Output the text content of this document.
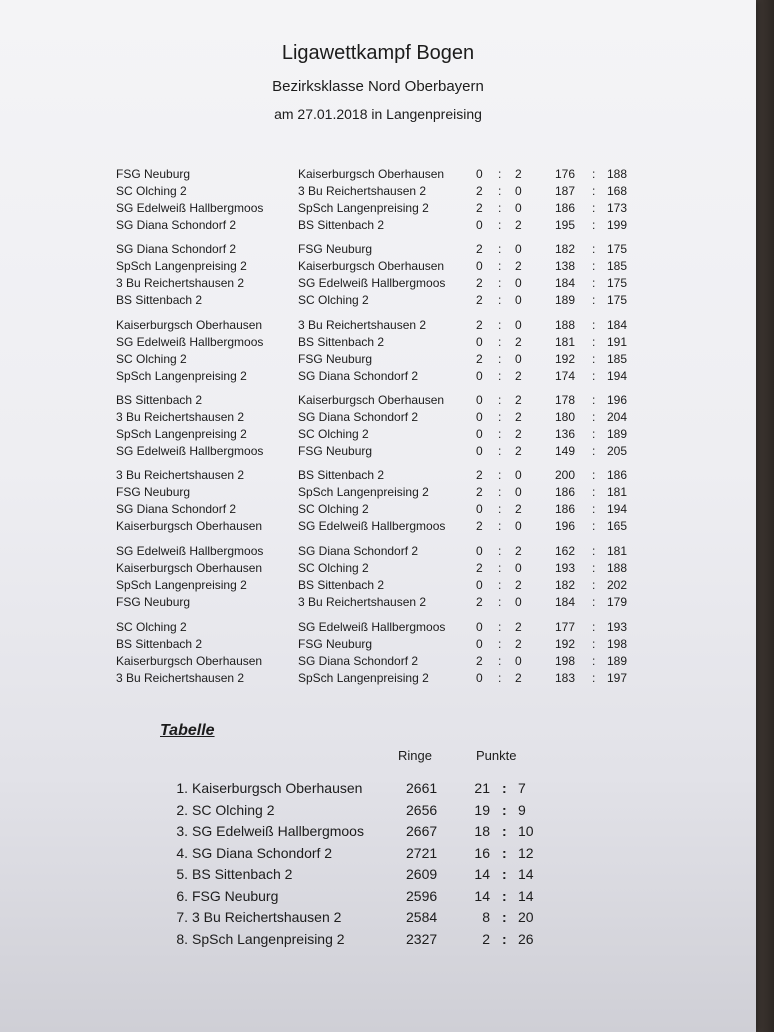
Ligawettkampf Bogen
Bezirksklasse Nord Oberbayern
am 27.01.2018 in Langenpreising
FSG Neuburg	Kaiserburgsch Oberhausen	0 : 2	176 : 188
SC Olching 2	3 Bu Reichertshausen 2	2 : 0	187 : 168
SG Edelweiß Hallbergmoos	SpSch Langenpreising 2	2 : 0	186 : 173
SG Diana Schondorf 2	BS Sittenbach 2	0 : 2	195 : 199
SG Diana Schondorf 2	FSG Neuburg	2 : 0	182 : 175
SpSch Langenpreising 2	Kaiserburgsch Oberhausen	0 : 2	138 : 185
3 Bu Reichertshausen 2	SG Edelweiß Hallbergmoos	2 : 0	184 : 175
BS Sittenbach 2	SC Olching 2	2 : 0	189 : 175
Kaiserburgsch Oberhausen	3 Bu Reichertshausen 2	2 : 0	188 : 184
SG Edelweiß Hallbergmoos	BS Sittenbach 2	0 : 2	181 : 191
SC Olching 2	FSG Neuburg	2 : 0	192 : 185
SpSch Langenpreising 2	SG Diana Schondorf 2	0 : 2	174 : 194
BS Sittenbach 2	Kaiserburgsch Oberhausen	0 : 2	178 : 196
3 Bu Reichertshausen 2	SG Diana Schondorf 2	0 : 2	180 : 204
SpSch Langenpreising 2	SC Olching 2	0 : 2	136 : 189
SG Edelweiß Hallbergmoos	FSG Neuburg	0 : 2	149 : 205
3 Bu Reichertshausen 2	BS Sittenbach 2	2 : 0	200 : 186
FSG Neuburg	SpSch Langenpreising 2	2 : 0	186 : 181
SG Diana Schondorf 2	SC Olching 2	0 : 2	186 : 194
Kaiserburgsch Oberhausen	SG Edelweiß Hallbergmoos	2 : 0	196 : 165
SG Edelweiß Hallbergmoos	SG Diana Schondorf 2	0 : 2	162 : 181
Kaiserburgsch Oberhausen	SC Olching 2	2 : 0	193 : 188
SpSch Langenpreising 2	BS Sittenbach 2	0 : 2	182 : 202
FSG Neuburg	3 Bu Reichertshausen 2	2 : 0	184 : 179
SC Olching 2	SG Edelweiß Hallbergmoos	0 : 2	177 : 193
BS Sittenbach 2	FSG Neuburg	0 : 2	192 : 198
Kaiserburgsch Oberhausen	SG Diana Schondorf 2	2 : 0	198 : 189
3 Bu Reichertshausen 2	SpSch Langenpreising 2	0 : 2	183 : 197
Tabelle
Ringe	Punkte
1. Kaiserburgsch Oberhausen	2661	21 : 7
2. SC Olching 2	2656	19 : 9
3. SG Edelweiß Hallbergmoos	2667	18 : 10
4. SG Diana Schondorf 2	2721	16 : 12
5. BS Sittenbach 2	2609	14 : 14
6. FSG Neuburg	2596	14 : 14
7. 3 Bu Reichertshausen 2	2584	8 : 20
8. SpSch Langenpreising 2	2327	2 : 26
